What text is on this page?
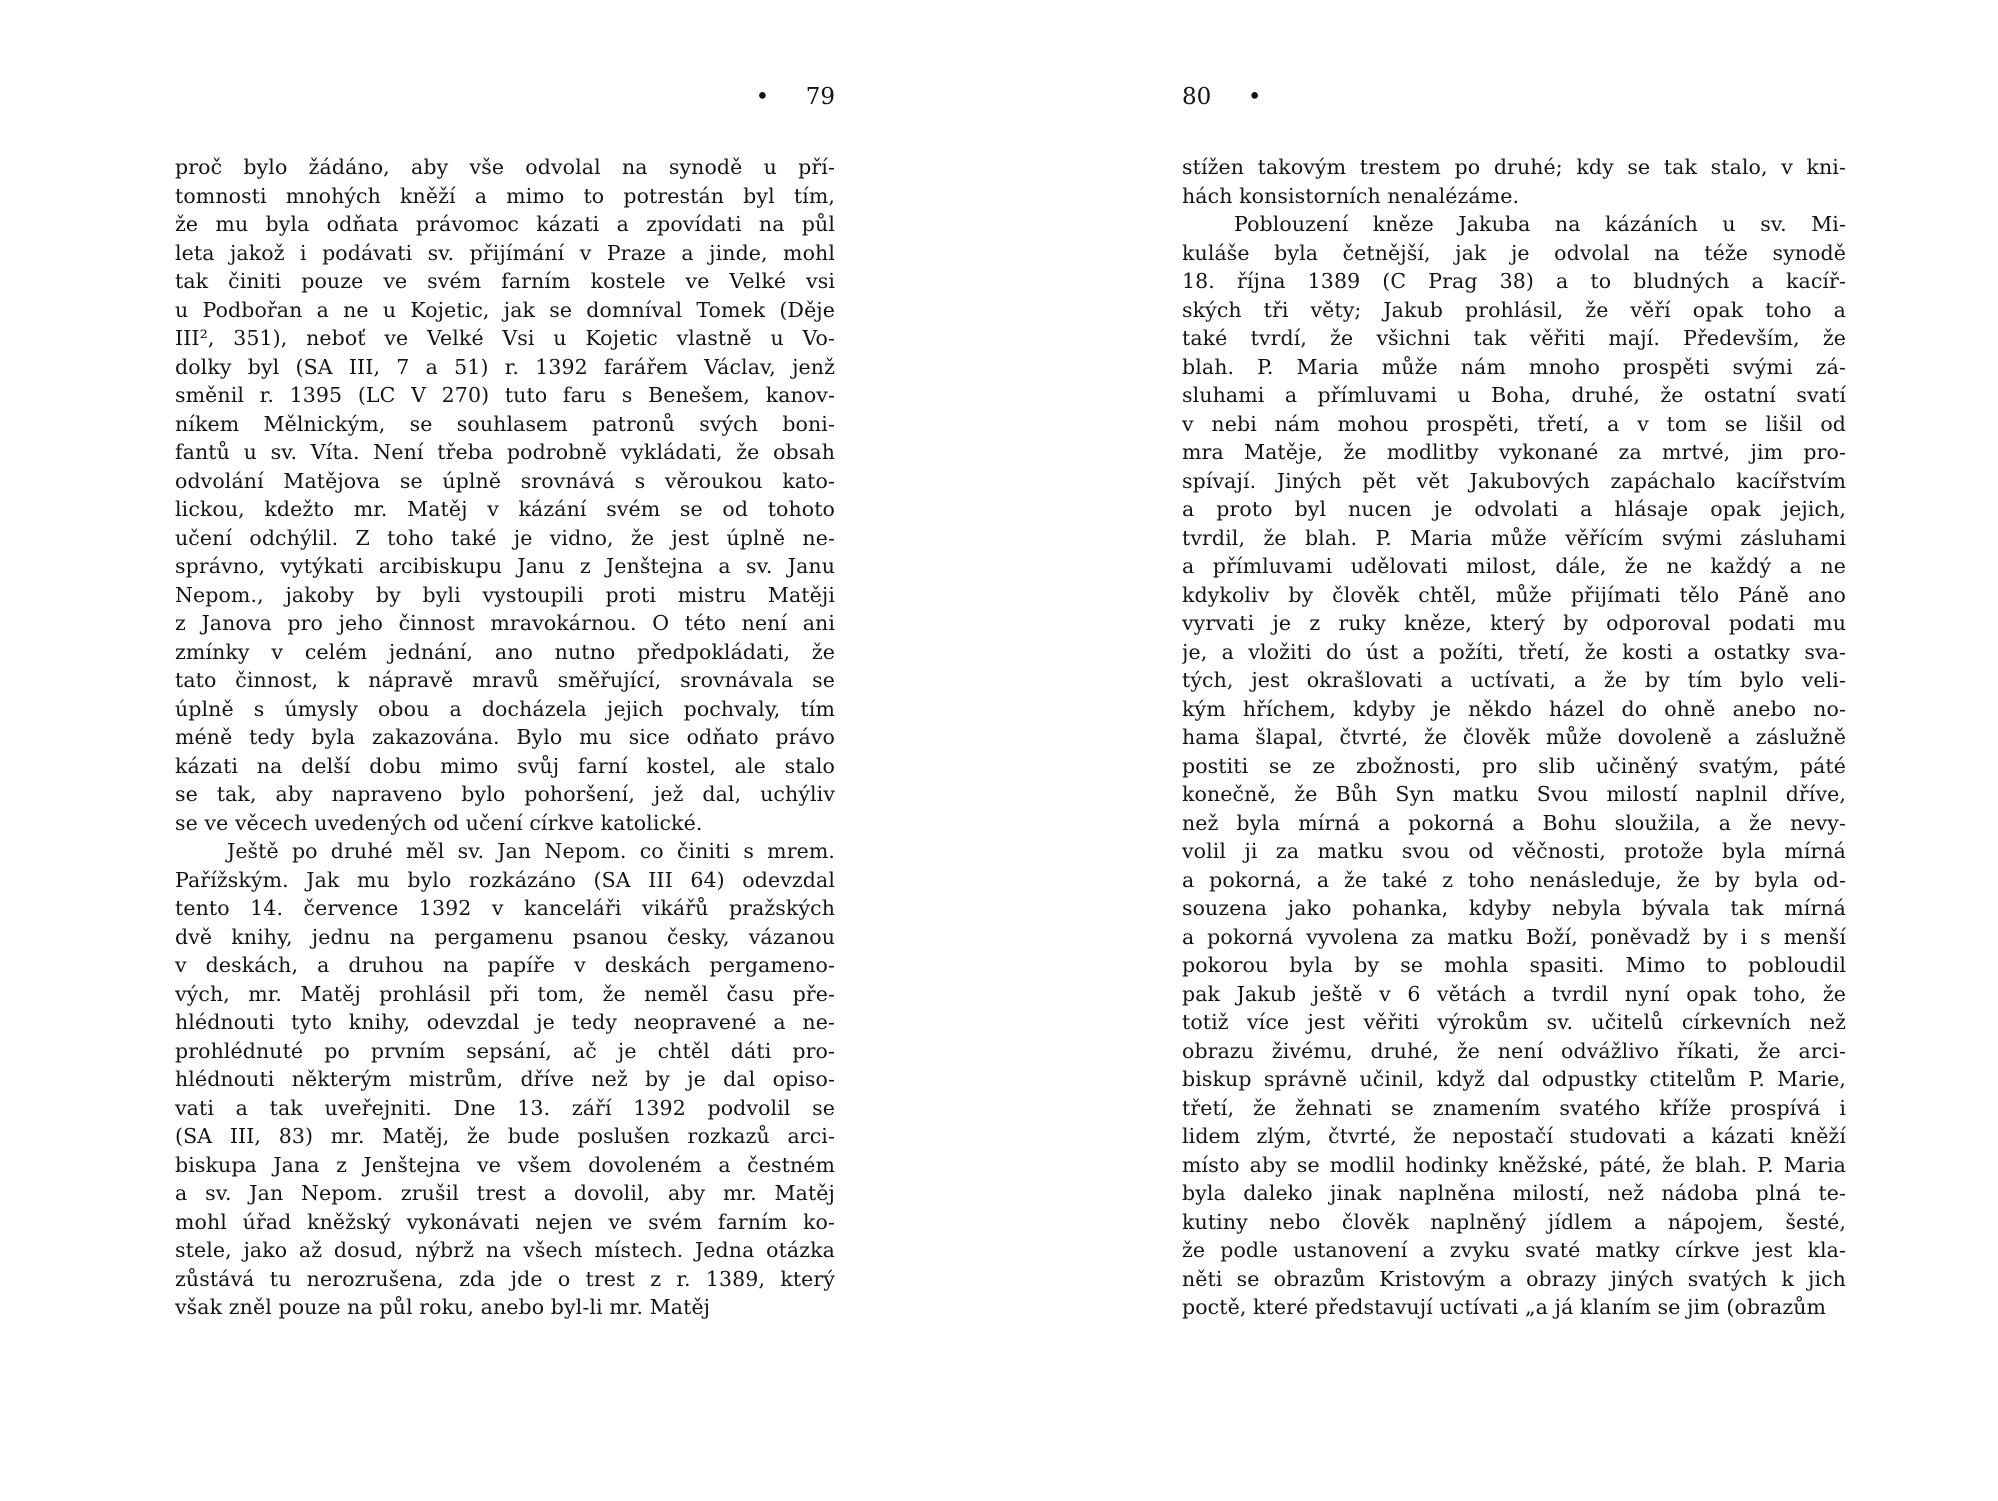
• 79
proč bylo žádáno, aby vše odvolal na synodě u pří-
tomnosti mnohých kněží a mimo to potrestán byl tím,
že mu byla odňata právomoc kázati a zpovídati na půl
leta jakož i podávati sv. přijímání v Praze a jinde, mohl
tak činiti pouze ve svém farním kostele ve Velké vsi
u Podbořan a ne u Kojetic, jak se domníval Tomek (Děje
III², 351), neboť ve Velké Vsi u Kojetic vlastně u Vo-
dolky byl (SA III, 7 a 51) r. 1392 farářem Václav, jenž
směnil r. 1395 (LC V 270) tuto faru s Benešem, kanov-
níkem Mělnickým, se souhlasem patronů svých boni-
fantů u sv. Víta. Není třeba podrobně vykládati, že obsah
odvolání Matějova se úplně srovnává s věroukou kato-
lickou, kdežto mr. Matěj v kázání svém se od tohoto
učení odchýlil. Z toho také je vidno, že jest úplně ne-
správno, vytýkati arcibiskupu Janu z Jenštejna a sv. Janu
Nepom., jakoby by byli vystoupili proti mistru Matěji
z Janova pro jeho činnost mravokárnou. O této není ani
zmínky v celém jednání, ano nutno předpokládati, že
tato činnost, k nápravě mravů směřující, srovnávala se
úplně s úmysly obou a docházela jejich pochvaly, tím
méně tedy byla zakazována. Bylo mu sice odňato právo
kázati na delší dobu mimo svůj farní kostel, ale stalo
se tak, aby napraveno bylo pohoršení, jež dal, uchýliv
se ve věcech uvedených od učení církve katolické.
Ještě po druhé měl sv. Jan Nepom. co činiti s mrem.
Pařížským. Jak mu bylo rozkázáno (SA III 64) odevzdal
tento 14. července 1392 v kanceláři vikářů pražských
dvě knihy, jednu na pergamenu psanou česky, vázanou
v deskách, a druhou na papíře v deskách pergameno-
vých, mr. Matěj prohlásil při tom, že neměl času pře-
hlédnouti tyto knihy, odevzdal je tedy neopravené a ne-
prohlédnuté po prvním sepsání, ač je chtěl dáti pro-
hlédnouti některým mistrům, dříve než by je dal opiso-
vati a tak uveřejniti. Dne 13. září 1392 podvolil se
(SA III, 83) mr. Matěj, že bude poslušen rozkazů arci-
biskupa Jana z Jenštejna ve všem dovoleném a čestném
a sv. Jan Nepom. zrušil trest a dovolil, aby mr. Matěj
mohl úřad kněžský vykonávati nejen ve svém farním ko-
stele, jako až dosud, nýbrž na všech místech. Jedna otázka
zůstává tu nerozrušena, zda jde o trest z r. 1389, který
však zněl pouze na půl roku, anebo byl-li mr. Matěj
80 •
stížen takovým trestem po druhé; kdy se tak stalo, v kni-
hách konsistorních nenalézáme.
Poblouzení kněze Jakuba na kázáních u sv. Mi-
kuláše byla četnější, jak je odvolal na téže synodě
18. října 1389 (C Prag 38) a to bludných a kacíř-
ských tři věty; Jakub prohlásil, že věří opak toho a
také tvrdí, že všichni tak věřiti mají. Především, že
blah. P. Maria může nám mnoho prospěti svými zá-
sluhami a přímluvami u Boha, druhé, že ostatní svatí
v nebi nám mohou prospěti, třetí, a v tom se lišil od
mra Matěje, že modlitby vykonané za mrtvé, jim pro-
spívají. Jiných pět vět Jakubových zapáchalo kacířstvím
a proto byl nucen je odvolati a hlásaje opak jejich,
tvrdil, že blah. P. Maria může věřícím svými zásluhami
a přímluvami udělovati milost, dále, že ne každý a ne
kdykoliv by člověk chtěl, může přijímati tělo Páně ano
vyrvati je z ruky kněze, který by odporoval podati mu
je, a vložiti do úst a požíti, třetí, že kosti a ostatky sva-
tých, jest okrašlovati a uctívati, a že by tím bylo veli-
kým hříchem, kdyby je někdo házel do ohně anebo no-
hama šlapal, čtvrté, že člověk může dovoleně a záslužně
postiti se ze zbožnosti, pro slib učiněný svatým, páté
konečně, že Bůh Syn matku Svou milostí naplnil dříve,
než byla mírná a pokorná a Bohu sloužila, a že nevy-
volil ji za matku svou od věčnosti, protože byla mírná
a pokorná, a že také z toho nenásleduje, že by byla od-
souzena jako pohanka, kdyby nebyla bývala tak mírná
a pokorná vyvolena za matku Boží, poněvadž by i s menší
pokorou byla by se mohla spasiti. Mimo to pobloudil
pak Jakub ještě v 6 větách a tvrdil nyní opak toho, že
totiž více jest věřiti výrokům sv. učitelů církevních než
obrazu živému, druhé, že není odvážlivo říkati, že arci-
biskup správně učinil, když dal odpustky ctitelům P. Marie,
třetí, že žehnati se znamením svatého kříže prospívá i
lidem zlým, čtvrté, že nepostačí studovati a kázati kněží
místo aby se modlil hodinky kněžské, páté, že blah. P. Maria
byla daleko jinak naplněna milostí, než nádoba plná te-
kutiny nebo člověk naplněný jídlem a nápojem, šesté,
že podle ustanovení a zvyku svaté matky církve jest kla-
něti se obrazům Kristovým a obrazy jiných svatých k jich
poctě, které představují uctívati „a já klaním se jim (obrazům
